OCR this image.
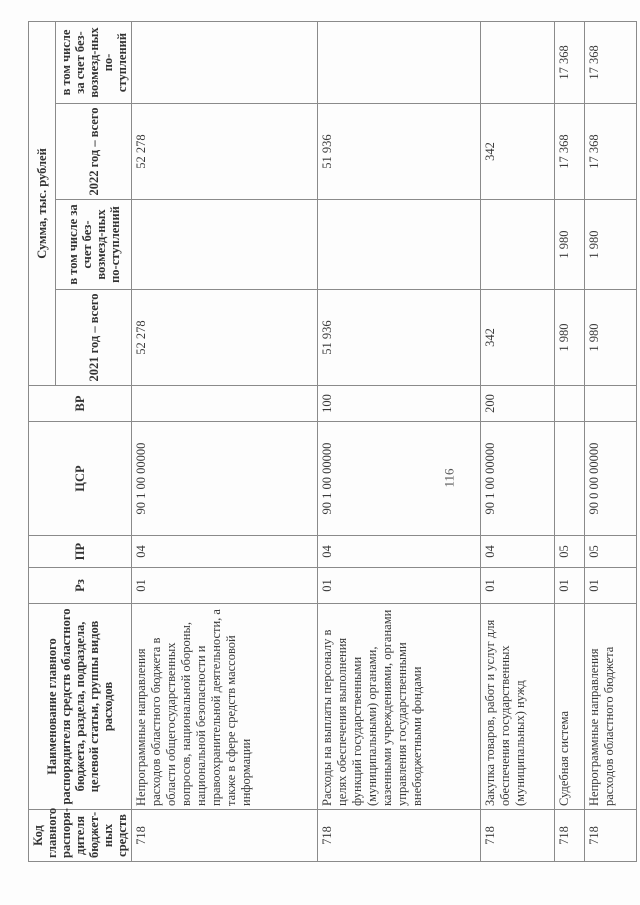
116
Код главного распоря-дителя бюджет-ных средств	Наименование главного распорядителя средств областного бюджета, раздела, подраздела, целевой статьи, группы видов расходов	Рз	ПР	ЦСР	ВР	Сумма, тыс. рублей			
						2021 год – всего	в том числе за счет без-возмезд-ных по-ступлений	2022 год – всего	в том числе за счет без-возмезд-ных по-ступлений
718	Непрограммные направления расходов областного бюджета в области общегосударственных вопросов, национальной обороны, национальной безопасности и правоохранительной деятельности, а также в сфере средств массовой информации	01	04	90 1 00 00000		52 278		52 278	
718	Расходы на выплаты персоналу в целях обеспечения выполнения функций государственными (муниципальными) органами, казенными учреждениями, органами управления государственными внебюджетными фондами	01	04	90 1 00 00000	100	51 936		51 936	
718	Закупка товаров, работ и услуг для обеспечения государственных (муниципальных) нужд	01	04	90 1 00 00000	200	342		342	
718	Судебная система	01	05			1 980	1 980	17 368	17 368
718	Непрограммные направления расходов областного бюджета	01	05	90 0 00 00000		1 980	1 980	17 368	17 368
